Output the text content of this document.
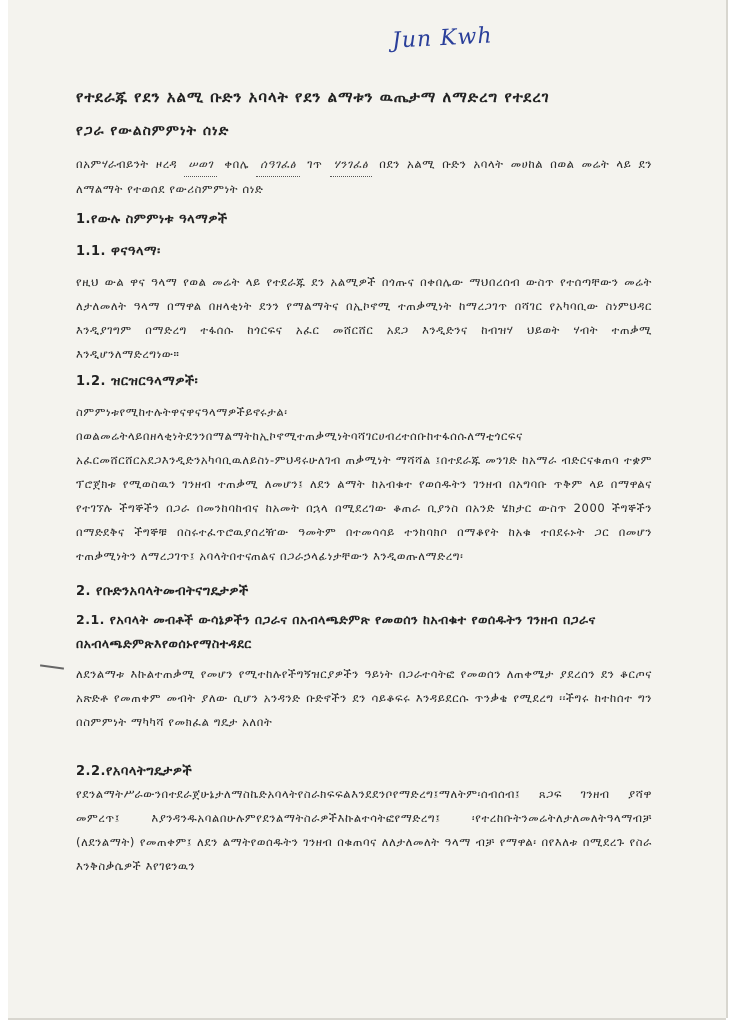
Jun Kwh
የተደራጁ የደን አልሚ ቡድን አባላት የደን ልማቱን ዉጤታማ ለማድረግ የተደረገ
የጋራ የውልስምምነት ሰነድ
በአምሃራብይንት ዞረዳ ሠወገ ቀበሌ ሰዓገፈፅ ገጥ ሃንገፈፅ በደን አልሚ ቡድን አባላት መሀከል በወል መሬት ላይ ደን ለማልማት የተወሰደ የውሪስምምነት ሰነድ
1.የውሉ ስምምነቱ ዓላማዎች
1.1. ዋናዓላማ፡
የዚህ ውል ዋና ዓላማ የወል መሬት ላይ የተደራጁ ደን አልሚዎች በጎጡና በቀበሌው ማህበረሰብ ውስጥ የተሰጣቸውን መሬት ለታለመለት ዓላማ በማዋል በዘላቂነት ደንን የማልማትና በኢኮኖሚ ተጠቃሚነት ከማረጋገጥ በሻገር የአካባቢው ስነምህዳር እንዲያገግም በማድረግ ተፋሰሱ ከጎርፍና አፈር መሸርሸር አደጋ እንዲድንና ከብዝሃ ህይወት ሃብት ተጠቃሚ እንዲሆንለማድረግነው።
1.2. ዝርዝርዓላማዎች፡
ስምምነቱየሚከተሉትዋናዋናዓላማዎችይኖሩታል፡ በወልመሬትላይበዘላቂነትደንንበማልማትከኢኮኖሚተጠቃሚነትባሻገርሀብረተሰቡከተፋሰሱለማቲጎርፍና አፈርመሸርሸርአደጋእንዲድንአካባቢዉለይስነ-ምህዳሩሁለገብ ጠቃሚነት ማሻሻል ፤በተደራጁ መንገድ ከአማራ ብድርናቁጠባ ተቋም ፕሮጀክቱ የሚወስዉን ገንዘብ ተጠቃሚ ለመሆን፤ ለደን ልማት ከአብቁተ የወሰዱትን ገንዘብ በአግባቡ ጥቅም ላይ በማዋልና የተገኘሉ ችግኞችን በጋራ በመንከባከብና ከአመት በኋላ በሚደረገው ቆጠራ ቢያንስ በአንድ ሄክታር ውስጥ 2000 ችግኞችን በማድደቅና ችግኞቹ በስሩተፈጥሮዉያሰረዥው ዓመትም በተመሳሳይ ተንከባክቦ በማቆየት ከአቁ ተበደሩኑት ጋር በመሆን ተጠቃሚነትን ለማረጋገጥ፤ አባላትበተናጠልና በጋራኃላፊነታቸውን እንዲወጡለማድረግ፡
2. የቡድንአባላትመብትናግዴታዎች
2.1. የአባላት መብቶች ውሳኔዎችን በጋራና በአብላጫድምጽ የመወሰን ከአብቁተ የወሰዱትን ገንዘብ በጋራና በአብላጫድምጽእየወሰኑየማስተዳደር
ለደንልማቱ እኩልተጠቃሚ የመሆን የሚተከሉየችግኝዝርያዎችን ዓይነት በጋራተሳትፎ የመወሰን ለጠቀሜታ ያደረሰን ደን ቆርጦና አጽድቶ የመጠቀም መብት ያለው ሲሆን አንዳንድ ቡድኖችን ደን ሳይቆፍሩ እንዳይደርሱ ጥንቃቄ የሚደረግ ፡፡ችግሩ ከተከሰተ ግን በስምምነት ማካካሻ የመክፈል ግዴታ አለበት
2.2.የአባላትግዴታዎች
የደንልማትሥራውንበተደራጀሁኔታለማስኬድአባላትየስራክፍፍልእንደደንቦየማድረግ፤ማለትም፡ሰብሰብ፤ ጸጋፍ ገንዘብ ያሻዋ መምረጥ፤ እያንዳንዱአባልበሁሉምየደንልማትስራዎችእኩልተሳትፎየማድረግ፤ ፡የተረከቡትንመሬትለታለመለትዓላማብቻ (ለደንልማት) የመጠቀም፤ ለደን ልማትየወሰዱትን ገንዘብ በቁጠባና ለለታለመለት ዓላማ ብቻ የማዋል፡ በየእለቱ በሚደረጉ የስራ እንቅስቃሴዎች እየገዩንዉን
